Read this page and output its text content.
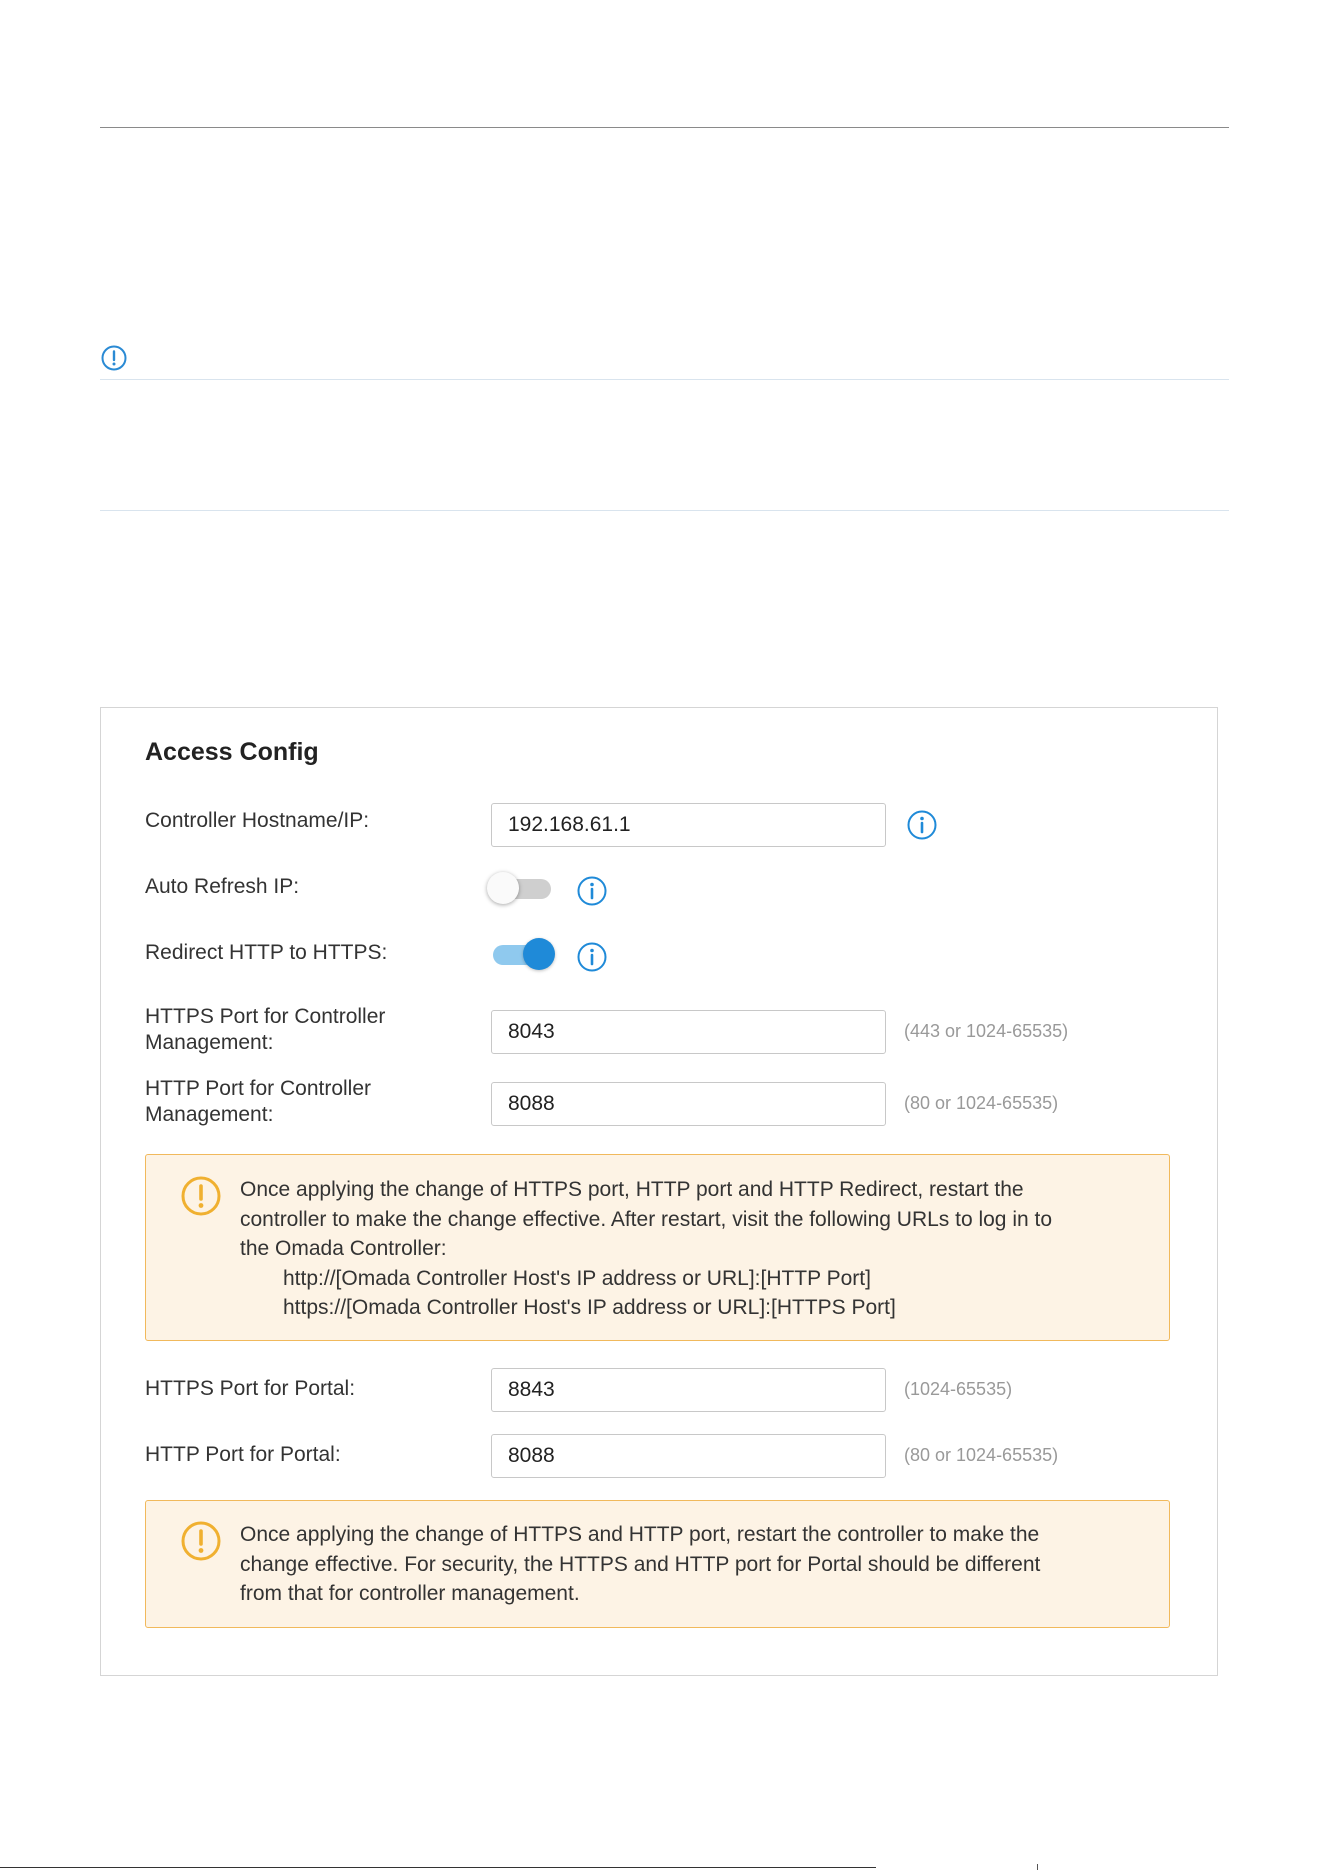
Access Config
Controller Hostname/IP:	192.168.61.1
Auto Refresh IP:
Redirect HTTP to HTTPS:
HTTPS Port for Controller
Management:	8043	(443 or 1024-65535)
HTTP Port for Controller
Management:	8088	(80 or 1024-65535)
Once applying the change of HTTPS port, HTTP port and HTTP Redirect, restart the
controller to make the change effective. After restart, visit the following URLs to log in to
the Omada Controller:
http://[Omada Controller Host's IP address or URL]:[HTTP Port]
https://[Omada Controller Host's IP address or URL]:[HTTPS Port]
HTTPS Port for Portal:	8843	(1024-65535)
HTTP Port for Portal:	8088	(80 or 1024-65535)
Once applying the change of HTTPS and HTTP port, restart the controller to make the
change effective. For security, the HTTPS and HTTP port for Portal should be different
from that for controller management.
